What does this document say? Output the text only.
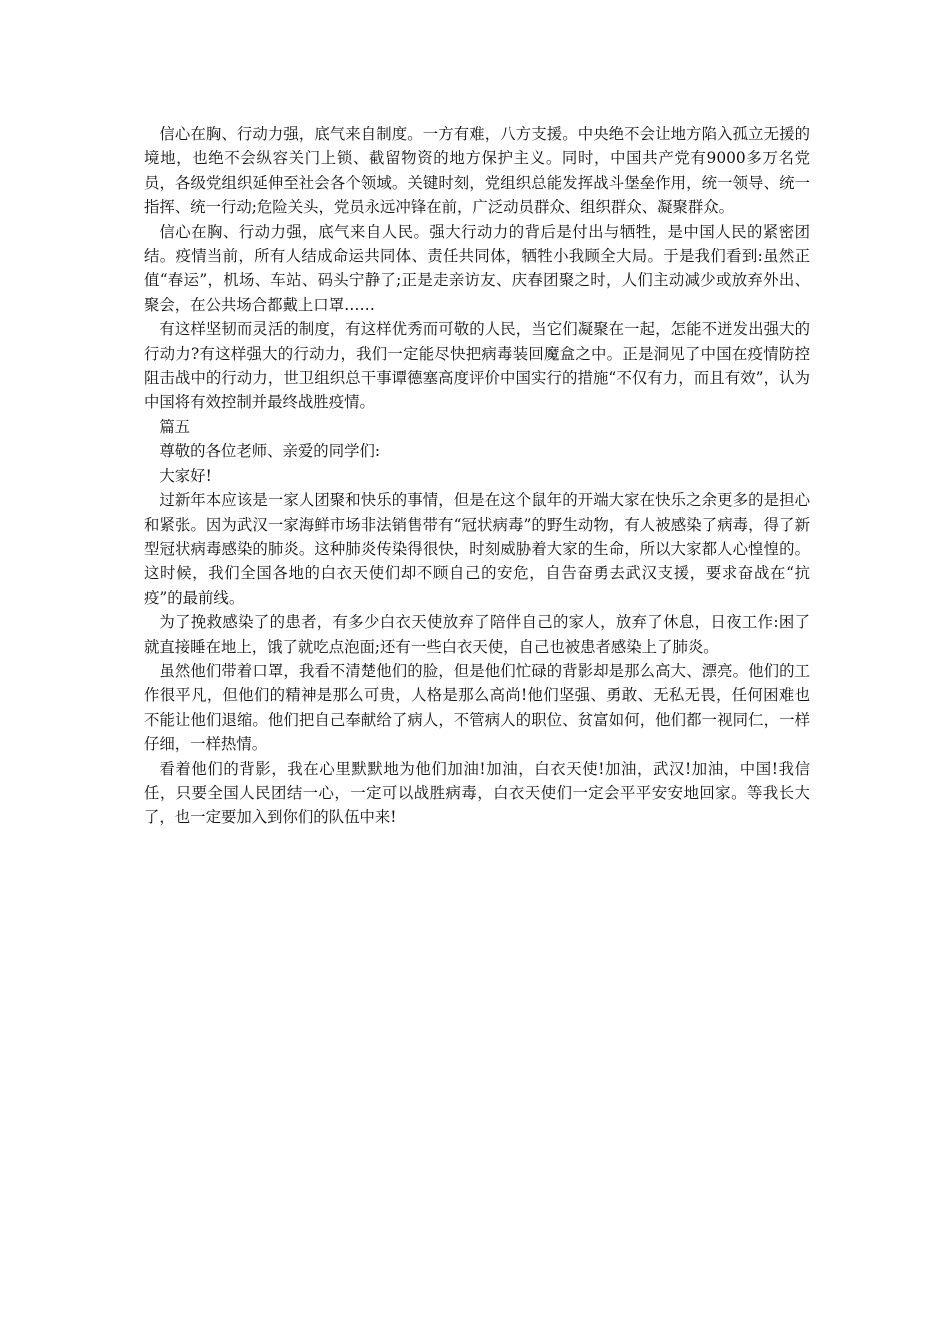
信心在胸、行动力强，底气来自制度。一方有难，八方支援。中央绝不会让地方陷入孤立无援的境地，也绝不会纵容关门上锁、截留物资的地方保护主义。同时，中国共产党有9000多万名党员，各级党组织延伸至社会各个领域。关键时刻，党组织总能发挥战斗堡垒作用，统一领导、统一指挥、统一行动;危险关头，党员永远冲锋在前，广泛动员群众、组织群众、凝聚群众。

信心在胸、行动力强，底气来自人民。强大行动力的背后是付出与牺牲，是中国人民的紧密团结。疫情当前，所有人结成命运共同体、责任共同体，牺牲小我顾全大局。于是我们看到:虽然正值“春运”，机场、车站、码头宁静了;正是走亲访友、庆春团聚之时，人们主动减少或放弃外出、聚会，在公共场合都戴上口罩……

有这样坚韧而灵活的制度，有这样优秀而可敬的人民，当它们凝聚在一起，怎能不迸发出强大的行动力?有这样强大的行动力，我们一定能尽快把病毒装回魔盒之中。正是洞见了中国在疫情防控阻击战中的行动力，世卫组织总干事谭德塞高度评价中国实行的措施“不仅有力，而且有效”，认为中国将有效控制并最终战胜疫情。

篇五

尊敬的各位老师、亲爱的同学们:

大家好!

过新年本应该是一家人团聚和快乐的事情，但是在这个鼠年的开端大家在快乐之余更多的是担心和紧张。因为武汉一家海鲜市场非法销售带有“冠状病毒”的野生动物，有人被感染了病毒，得了新型冠状病毒感染的肺炎。这种肺炎传染得很快，时刻威胁着大家的生命，所以大家都人心惶惶的。这时候，我们全国各地的白衣天使们却不顾自己的安危，自告奋勇去武汉支援，要求奋战在“抗疫”的最前线。

为了挽救感染了的患者，有多少白衣天使放弃了陪伴自己的家人，放弃了休息，日夜工作:困了就直接睡在地上，饿了就吃点泡面;还有一些白衣天使，自己也被患者感染上了肺炎。

虽然他们带着口罩，我看不清楚他们的脸，但是他们忙碌的背影却是那么高大、漂亮。他们的工作很平凡，但他们的精神是那么可贵，人格是那么高尚!他们坚强、勇敢、无私无畏，任何困难也不能让他们退缩。他们把自己奉献给了病人，不管病人的职位、贫富如何，他们都一视同仁，一样仔细，一样热情。

看着他们的背影，我在心里默默地为他们加油!加油，白衣天使!加油，武汉!加油，中国!我信任，只要全国人民团结一心，一定可以战胜病毒，白衣天使们一定会平平安安地回家。等我长大了，也一定要加入到你们的队伍中来!
